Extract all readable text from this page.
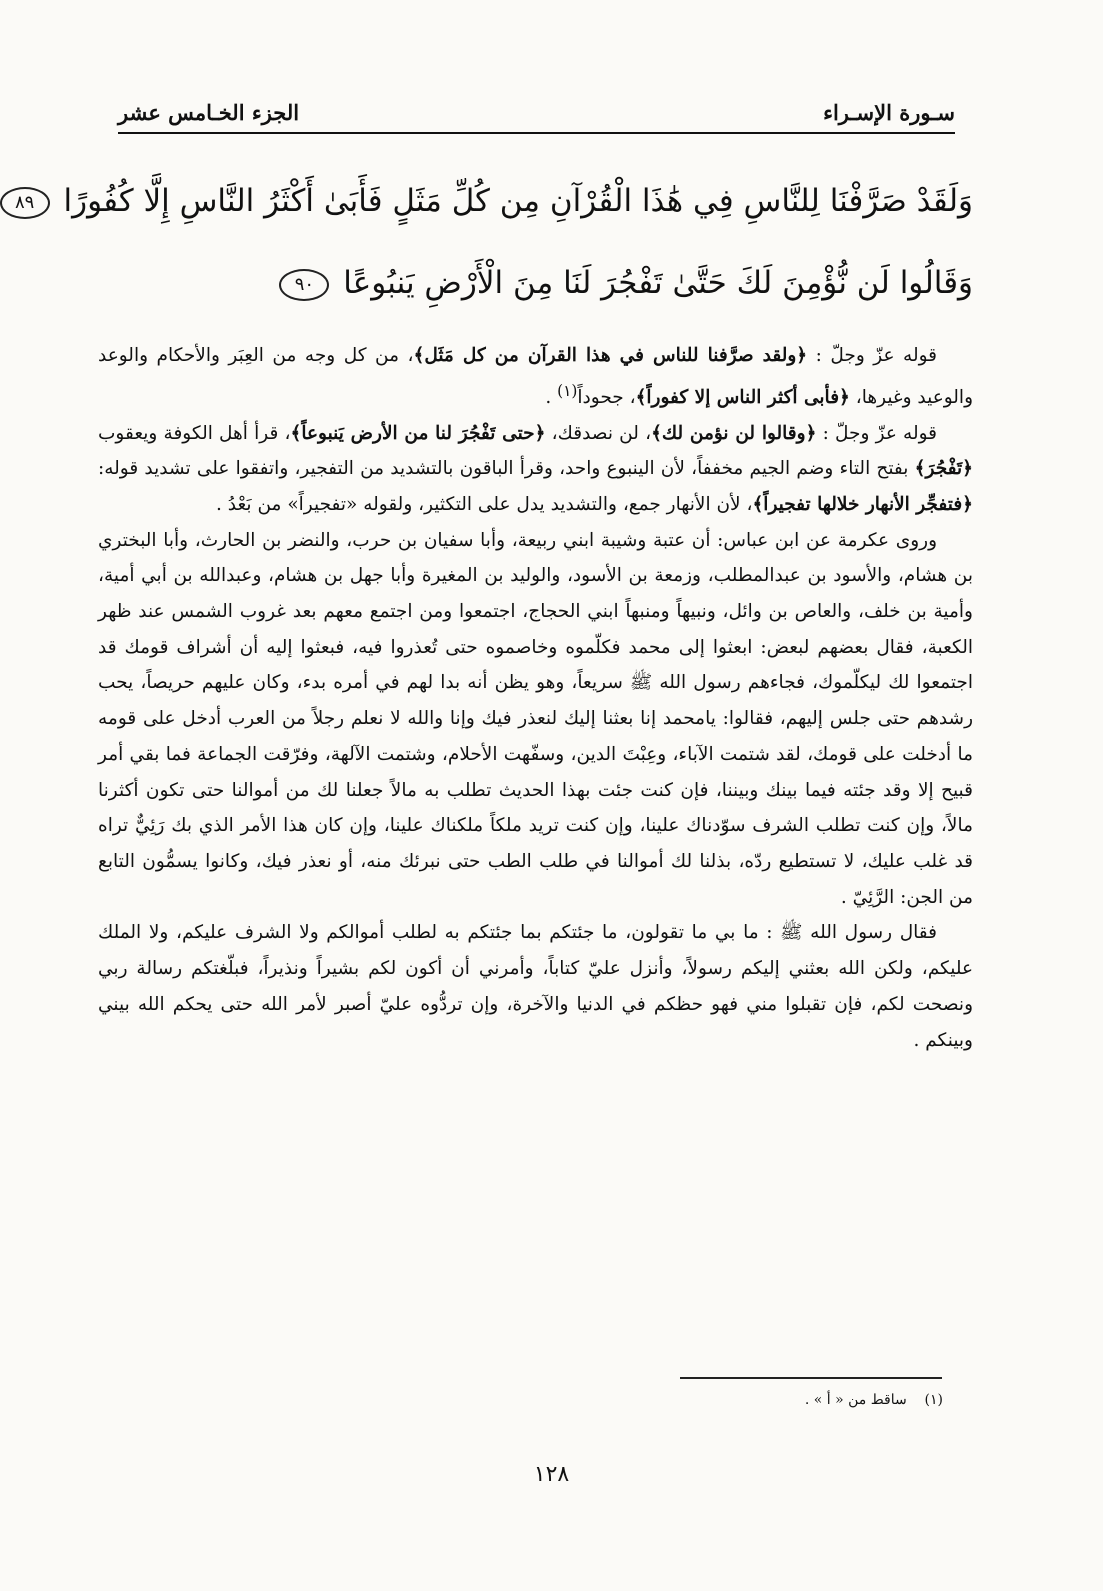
سـورة الإسـراء
الجزء الخـامس عشر
وَلَقَدْ صَرَّفْنَا لِلنَّاسِ فِي هَٰذَا الْقُرْآنِ مِن كُلِّ مَثَلٍ فَأَبَىٰ أَكْثَرُ النَّاسِ إِلَّا كُفُورًا ٨٩
وَقَالُوا لَن نُّؤْمِنَ لَكَ حَتَّىٰ تَفْجُرَ لَنَا مِنَ الْأَرْضِ يَنبُوعًا ٩٠

قوله عزّ وجلّ : ﴿ولقد صرَّفنا للناس في هذا القرآن من كل مَثَل﴾، من كل وجه من العِبَر والأحكام والوعد والوعيد وغيرها، ﴿فأبى أكثر الناس إلا كفوراً﴾، جحوداً$^{(١)}$ .

قوله عزّ وجلّ : ﴿وقالوا لن نؤمن لك﴾، لن نصدقك، ﴿حتى تَفْجُرَ لنا من الأرض يَنبوعاً﴾، قرأ أهل الكوفة ويعقوب ﴿تَفْجُرَ﴾ بفتح التاء وضم الجيم مخففاً، لأن الينبوع واحد، وقرأ الباقون بالتشديد من التفجير، واتفقوا على تشديد قوله: ﴿فتفجِّر الأنهار خلالها تفجيراً﴾، لأن الأنهار جمع، والتشديد يدل على التكثير، ولقوله «تفجيراً» من بَعْدُ .

وروى عكرمة عن ابن عباس: أن عتبة وشيبة ابني ربيعة، وأبا سفيان بن حرب، والنضر بن الحارث، وأبا البختري بن هشام، والأسود بن عبدالمطلب، وزمعة بن الأسود، والوليد بن المغيرة وأبا جهل بن هشام، وعبدالله بن أبي أمية، وأمية بن خلف، والعاص بن وائل، ونبيهاً ومنبهاً ابني الحجاج، اجتمعوا ومن اجتمع معهم بعد غروب الشمس عند ظهر الكعبة، فقال بعضهم لبعض: ابعثوا إلى محمد فكلّموه وخاصموه حتى تُعذروا فيه، فبعثوا إليه أن أشراف قومك قد اجتمعوا لك ليكلّموك، فجاءهم رسول الله ﷺ سريعاً، وهو يظن أنه بدا لهم في أمره بدء، وكان عليهم حريصاً، يحب رشدهم حتى جلس إليهم، فقالوا: يامحمد إنا بعثنا إليك لنعذر فيك وإنا والله لا نعلم رجلاً من العرب أدخل على قومه ما أدخلت على قومك، لقد شتمت الآباء، وعِبْتَ الدين، وسفّهت الأحلام، وشتمت الآلهة، وفرّقت الجماعة فما بقي أمر قبيح إلا وقد جئته فيما بينك وبيننا، فإن كنت جئت بهذا الحديث تطلب به مالاً جعلنا لك من أموالنا حتى تكون أكثرنا مالاً، وإن كنت تطلب الشرف سوّدناك علينا، وإن كنت تريد ملكاً ملكناك علينا، وإن كان هذا الأمر الذي بك رَئِيٌّ تراه قد غلب عليك، لا تستطيع ردّه، بذلنا لك أموالنا في طلب الطب حتى نبرئك منه، أو نعذر فيك، وكانوا يسمُّون التابع من الجن: الرَّئِيّ .

فقال رسول الله ﷺ : ما بي ما تقولون، ما جئتكم بما جئتكم به لطلب أموالكم ولا الشرف عليكم، ولا الملك عليكم، ولكن الله بعثني إليكم رسولاً، وأنزل عليّ كتاباً، وأمرني أن أكون لكم بشيراً ونذيراً، فبلّغتكم رسالة ربي ونصحت لكم، فإن تقبلوا مني فهو حظكم في الدنيا والآخرة، وإن تردُّوه عليّ أصبر لأمر الله حتى يحكم الله بيني وبينكم .

(١)    ساقط من « أ » .
١٢٨
